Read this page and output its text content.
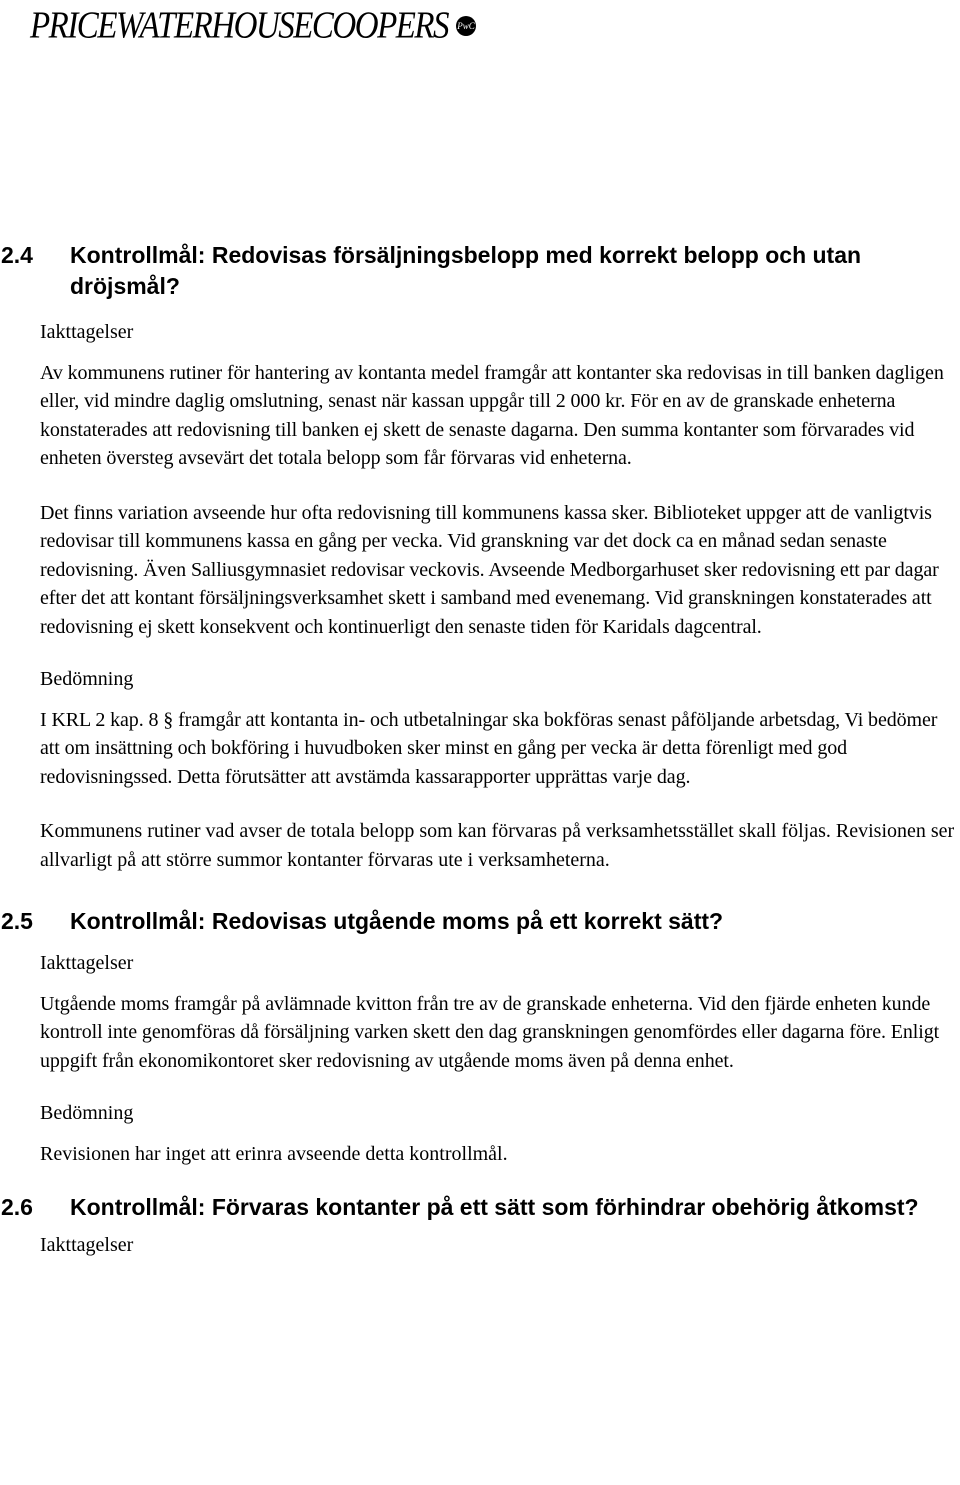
PRICEWATERHOUSECOOPERS PwC
2.4	Kontrollmål: Redovisas försäljningsbelopp med korrekt belopp och utan dröjsmål?
Iakttagelser
Av kommunens rutiner för hantering av kontanta medel framgår att kontanter ska redovisas in till banken dagligen eller, vid mindre daglig omslutning, senast när kassan uppgår till 2 000 kr. För en av de granskade enheterna konstaterades att redovisning till banken ej skett de senaste dagarna. Den summa kontanter som förvarades vid enheten översteg avsevärt det totala belopp som får förvaras vid enheterna.
Det finns variation avseende hur ofta redovisning till kommunens kassa sker. Biblioteket uppger att de vanligtvis redovisar till kommunens kassa en gång per vecka. Vid granskning var det dock ca en månad sedan senaste redovisning. Även Salliusgymnasiet redovisar veckovis. Avseende Medborgarhuset sker redovisning ett par dagar efter det att kontant försäljningsverksamhet skett i samband med evenemang. Vid granskningen konstaterades att redovisning ej skett konsekvent och kontinuerligt den senaste tiden för Karidals dagcentral.
Bedömning
I KRL 2 kap. 8 § framgår att kontanta in- och utbetalningar ska bokföras senast påföljande arbetsdag, Vi bedömer att om insättning och bokföring i huvudboken sker minst en gång per vecka är detta förenligt med god redovisningssed. Detta förutsätter att avstämda kassarapporter upprättas varje dag.
Kommunens rutiner vad avser de totala belopp som kan förvaras på verksamhetsstället skall följas. Revisionen ser allvarligt på att större summor kontanter förvaras ute i verksamheterna.
2.5	Kontrollmål: Redovisas utgående moms på ett korrekt sätt?
Iakttagelser
Utgående moms framgår på avlämnade kvitton från tre av de granskade enheterna. Vid den fjärde enheten kunde kontroll inte genomföras då försäljning varken skett den dag granskningen genomfördes eller dagarna före. Enligt uppgift från ekonomikontoret sker redovisning av utgående moms även på denna enhet.
Bedömning
Revisionen har inget att erinra avseende detta kontrollmål.
2.6	Kontrollmål: Förvaras kontanter på ett sätt som förhindrar obehörig åtkomst?
Iakttagelser
